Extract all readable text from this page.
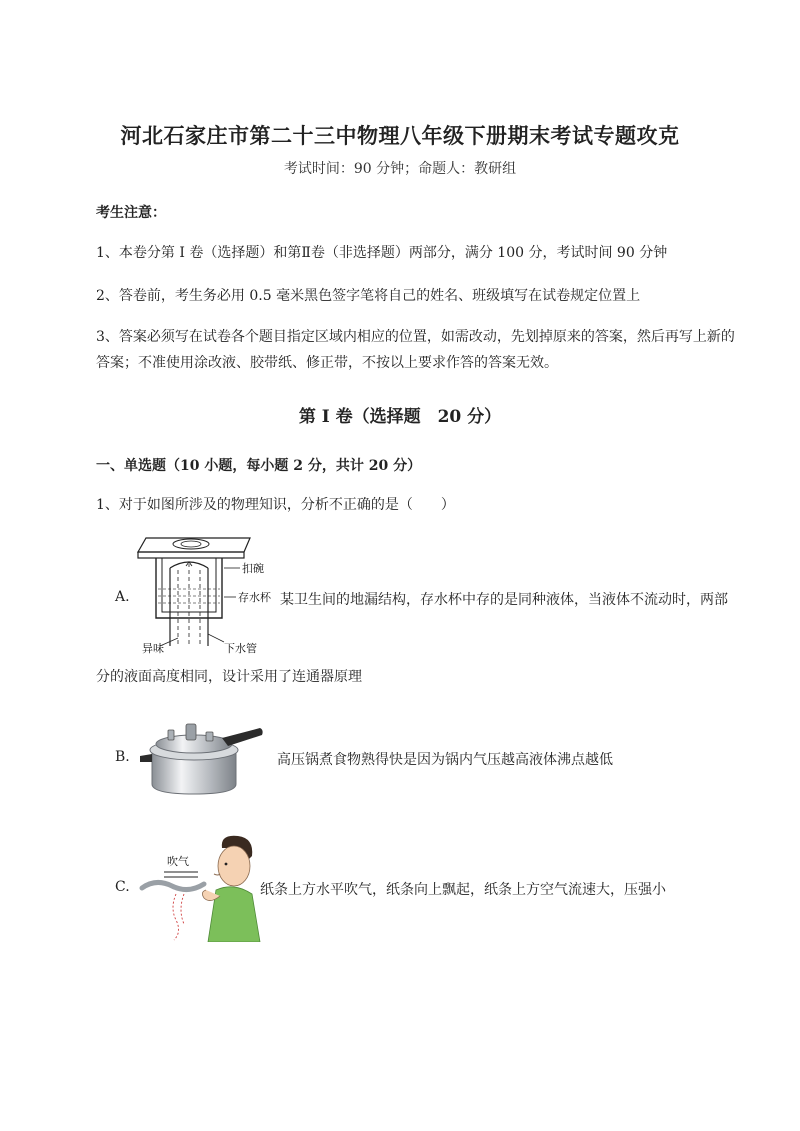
河北石家庄市第二十三中物理八年级下册期末考试专题攻克
考试时间：90 分钟；命题人：教研组
考生注意：
1、本卷分第 I 卷（选择题）和第Ⅱ卷（非选择题）两部分，满分 100 分，考试时间 90 分钟
2、答卷前，考生务必用 0.5 毫米黑色签字笔将自己的姓名、班级填写在试卷规定位置上
3、答案必须写在试卷各个题目指定区域内相应的位置，如需改动，先划掉原来的答案，然后再写上新的答案；不准使用涂改液、胶带纸、修正带，不按以上要求作答的答案无效。
第 I 卷（选择题　20 分）
一、单选题（10 小题，每小题 2 分，共计 20 分）
1、对于如图所涉及的物理知识，分析不正确的是（　　）
A.
扣碗
存水杯
异味	下水管
某卫生间的地漏结构，存水杯中存的是同种液体，当液体不流动时，两部
分的液面高度相同，设计采用了连通器原理
B.	高压锅煮食物熟得快是因为锅内气压越高液体沸点越低
C.
吹气
纸条上方水平吹气，纸条向上飘起，纸条上方空气流速大，压强小
